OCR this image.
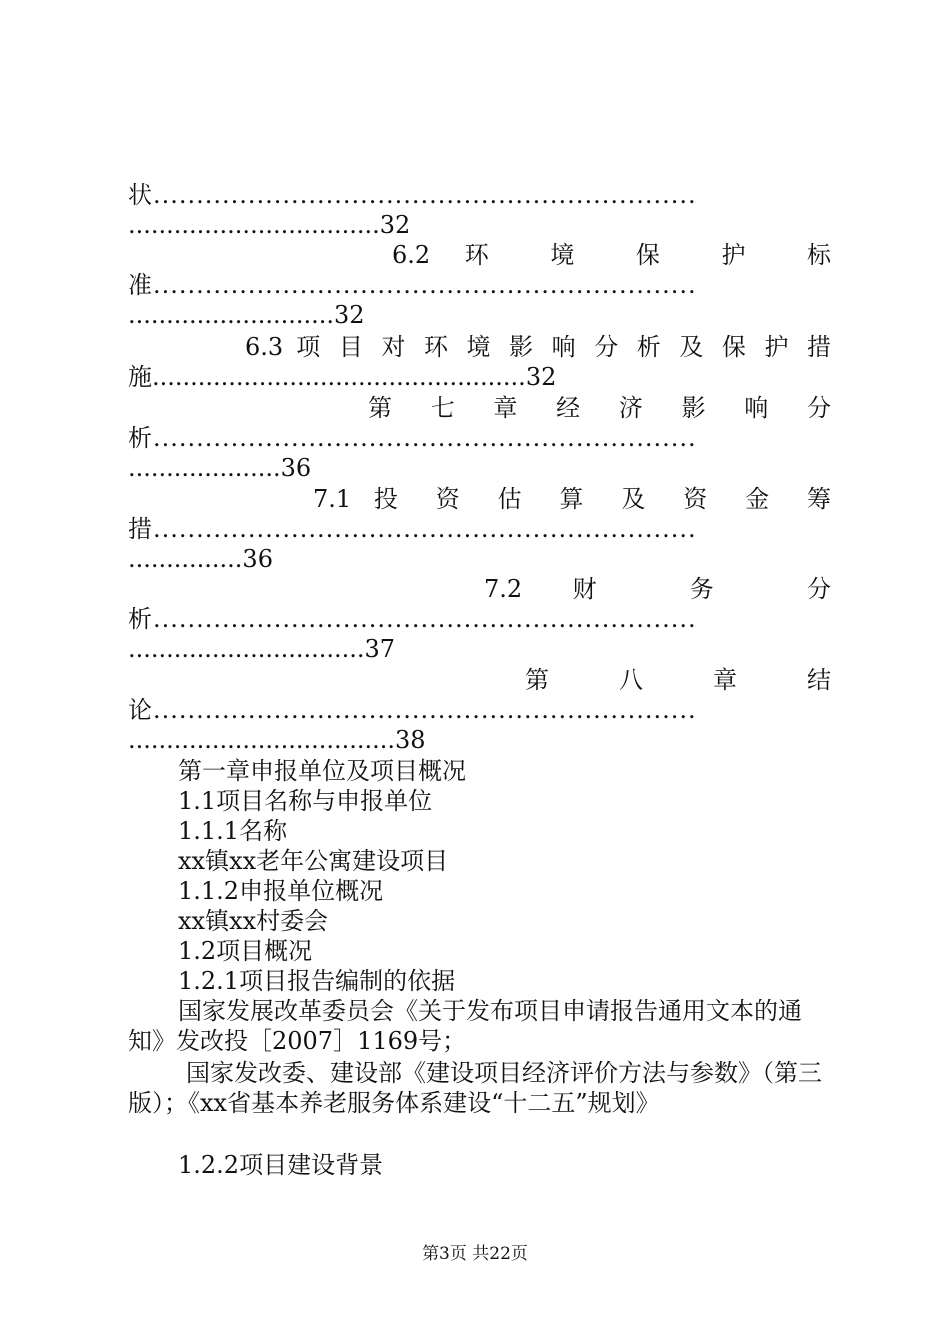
状...............................................................
.................................32
6.2 环 境 保 护 标
准...............................................................
...........................32
6.3 项 目 对 环 境 影 响 分 析 及 保 护 措
施.................................................32
第 七 章 经 济 影 响 分
析...............................................................
....................36
7.1 投 资 估 算 及 资 金 筹
措...............................................................
...............36
7.2 财 务 分
析...............................................................
...............................37
第 八 章 结
论...............................................................
...................................38
第一章申报单位及项目概况
1.1项目名称与申报单位
1.1.1名称
xx镇xx老年公寓建设项目
1.1.2申报单位概况
xx镇xx村委会
1.2项目概况
1.2.1项目报告编制的依据
国家发展改革委员会《关于发布项目申请报告通用文本的通知》发改投［2007］1169号；
国家发改委、建设部《建设项目经济评价方法与参数》（第三版）；《xx省基本养老服务体系建设“十二五”规划》
1.2.2项目建设背景
第3页 共22页
